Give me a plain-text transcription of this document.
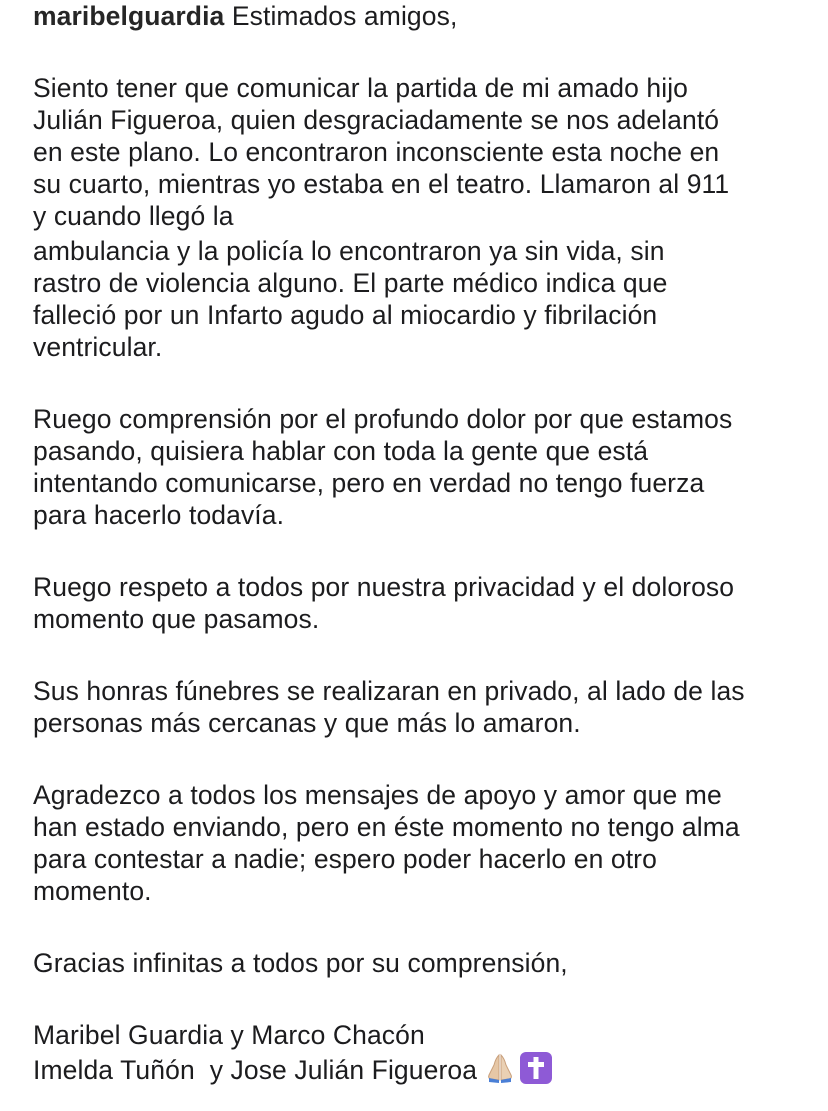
maribelguardia Estimados amigos,
Siento tener que comunicar la partida de mi amado hijo
Julián Figueroa, quien desgraciadamente se nos adelantó
en este plano. Lo encontraron inconsciente esta noche en
su cuarto, mientras yo estaba en el teatro. Llamaron al 911
y cuando llegó la
ambulancia y la policía lo encontraron ya sin vida, sin
rastro de violencia alguno. El parte médico indica que
falleció por un Infarto agudo al miocardio y fibrilación
ventricular.
Ruego comprensión por el profundo dolor por que estamos
pasando, quisiera hablar con toda la gente que está
intentando comunicarse, pero en verdad no tengo fuerza
para hacerlo todavía.
Ruego respeto a todos por nuestra privacidad y el doloroso
momento que pasamos.
Sus honras fúnebres se realizaran en privado, al lado de las
personas más cercanas y que más lo amaron.
Agradezco a todos los mensajes de apoyo y amor que me
han estado enviando, pero en éste momento no tengo alma
para contestar a nadie; espero poder hacerlo en otro
momento.
Gracias infinitas a todos por su comprensión,
Maribel Guardia y Marco Chacón
Imelda Tuñón  y Jose Julián Figueroa
